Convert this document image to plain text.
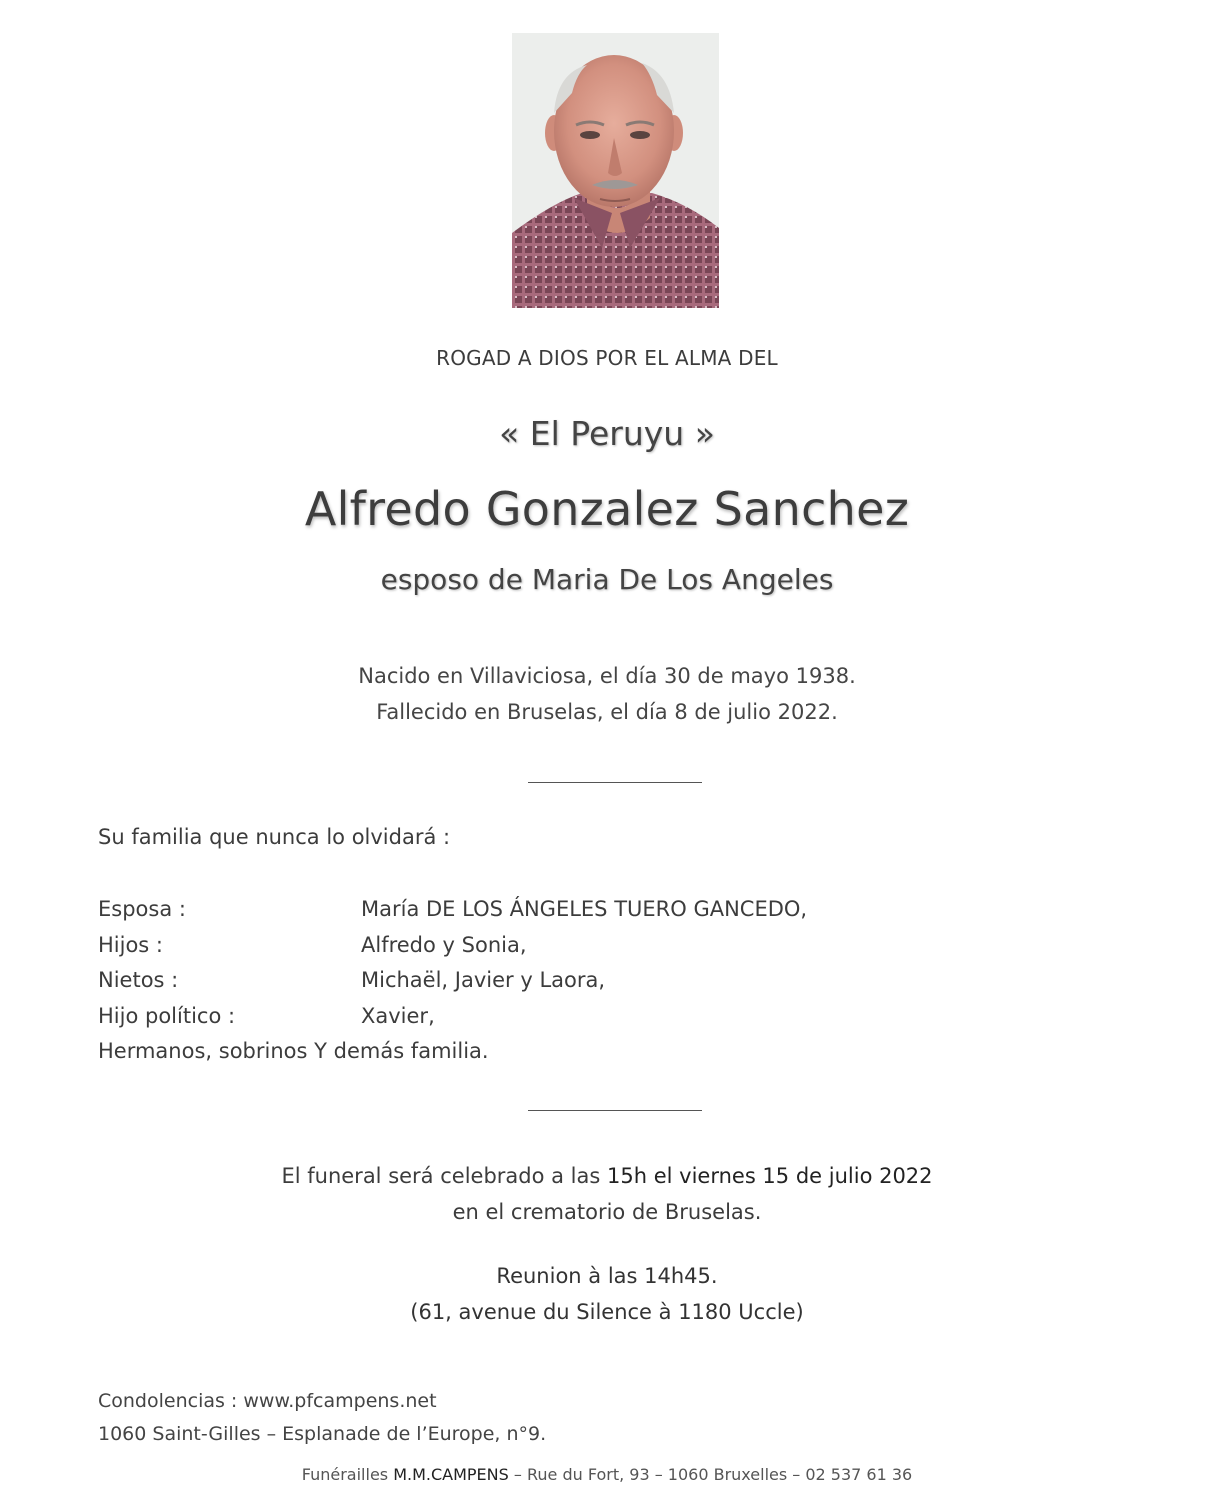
ROGAD A DIOS POR EL ALMA DEL
« El Peruyu »
Alfredo Gonzalez Sanchez
esposo de Maria De Los Angeles
Nacido en Villaviciosa, el día 30 de mayo 1938.
Fallecido en Bruselas, el día 8 de julio 2022.
Su familia que nunca lo olvidará :
Esposa :	María DE LOS ÁNGELES TUERO GANCEDO,
Hijos :	Alfredo y Sonia,
Nietos :	Michaël, Javier y Laora,
Hijo político :	Xavier,
Hermanos, sobrinos Y demás familia.
El funeral será celebrado a las 15h el viernes 15 de julio 2022
en el crematorio de Bruselas.
Reunion à las 14h45.
(61, avenue du Silence à 1180 Uccle)
Condolencias : www.pfcampens.net
1060 Saint-Gilles – Esplanade de l’Europe, n°9.
Funérailles M.M.CAMPENS – Rue du Fort, 93 – 1060 Bruxelles – 02 537 61 36
